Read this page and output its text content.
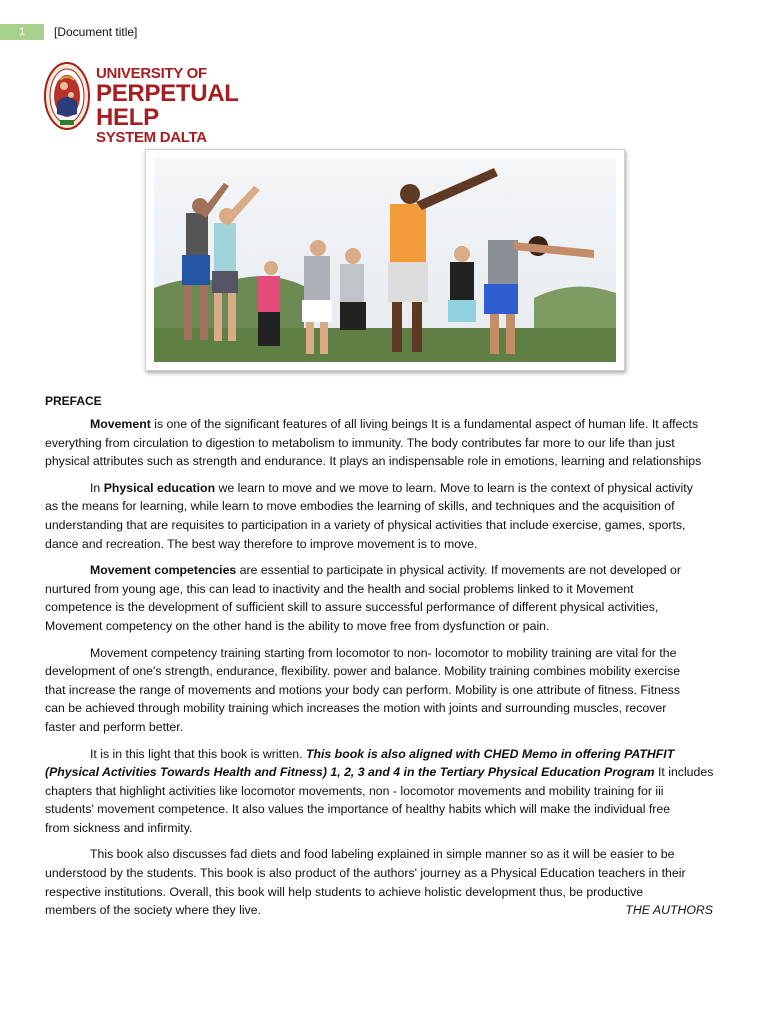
1	[Document title]
UNIVERSITY OF
PERPETUAL HELP
SYSTEM DALTA
PREFACE
Movement is one of the significant features of all living beings It is a fundamental aspect of human life. It affects
everything from circulation to digestion to metabolism to immunity. The body contributes far more to our life than just
physical attributes such as strength and endurance. It plays an indispensable role in emotions, learning and relationships
In Physical education we learn to move and we move to learn. Move to learn is the context of physical activity
as the means for learning, while learn to move embodies the learning of skills, and techniques and the acquisition of
understanding that are requisites to participation in a variety of physical activities that include exercise, games, sports,
dance and recreation. The best way therefore to improve movement is to move.
Movement competencies are essential to participate in physical activity. If movements are not developed or
nurtured from young age, this can lead to inactivity and the health and social problems linked to it Movement
competence is the development of sufficient skill to assure successful performance of different physical activities,
Movement competency on the other hand is the ability to move free from dysfunction or pain.
Movement competency training starting from locomotor to non- locomotor to mobility training are vital for the
development of one's strength, endurance, flexibility. power and balance. Mobility training combines mobility exercise
that increase the range of movements and motions your body can perform. Mobility is one attribute of fitness. Fitness
can be achieved through mobility training which increases the motion with joints and surrounding muscles, recover
faster and perform better.
It is in this light that this book is written. This book is also aligned with CHED Memo in offering PATHFIT
(Physical Activities Towards Health and Fitness) 1, 2, 3 and 4 in the Tertiary Physical Education Program It includes
chapters that highlight activities like locomotor movements, non - locomotor movements and mobility training for iii
students' movement competence. It also values the importance of healthy habits which will make the individual free
from sickness and infirmity.
This book also discusses fad diets and food labeling explained in simple manner so as it will be easier to be
understood by the students. This book is also product of the authors' journey as a Physical Education teachers in their
respective institutions. Overall, this book will help students to achieve holistic development thus, be productive
members of the society where they live.	THE AUTHORS
